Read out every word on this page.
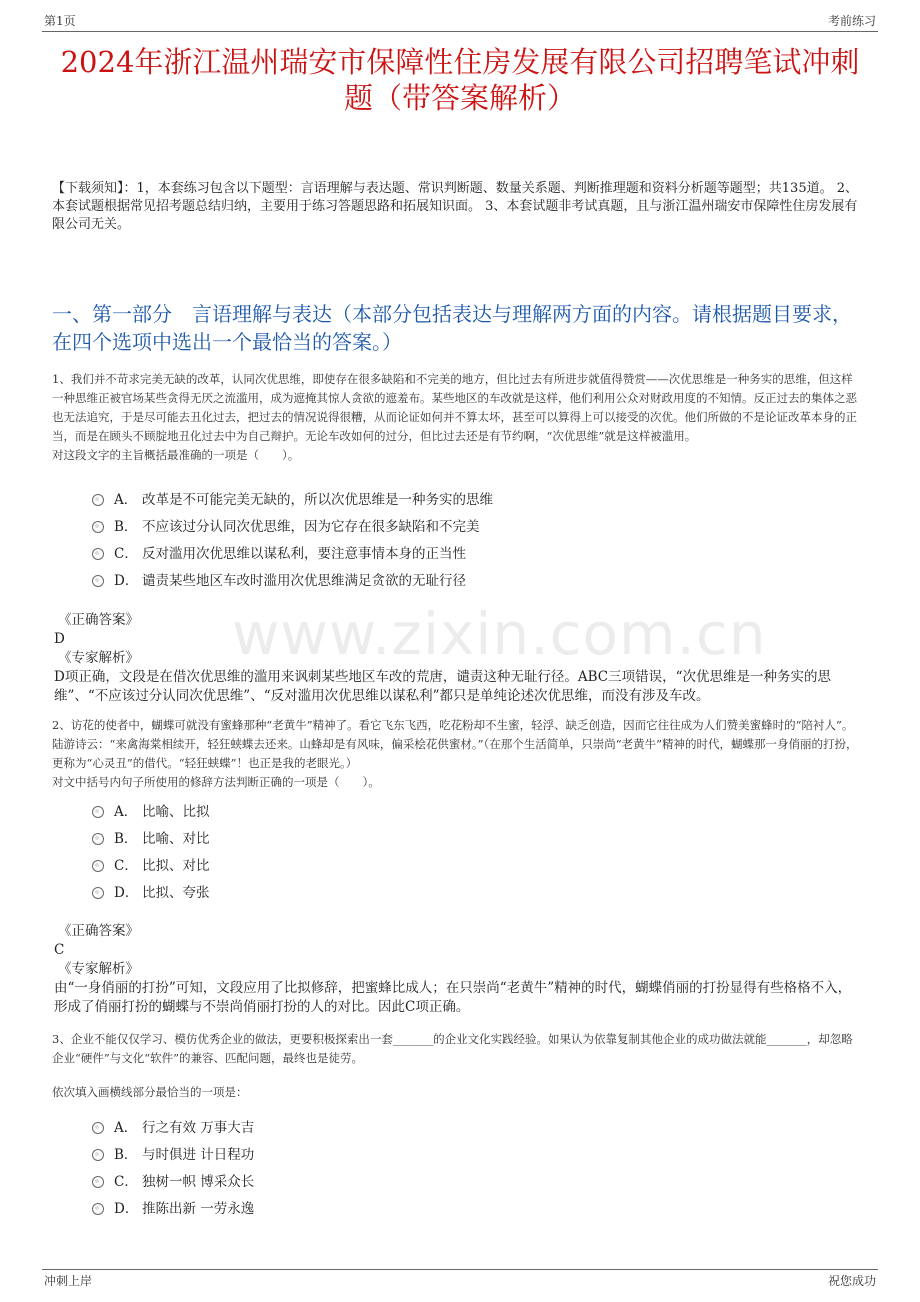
第1页	考前练习
2024年浙江温州瑞安市保障性住房发展有限公司招聘笔试冲刺题（带答案解析）
【下载须知】：1，本套练习包含以下题型：言语理解与表达题、常识判断题、数量关系题、判断推理题和资料分析题等题型；共135道。 2、本套试题根据常见招考题总结归纳，主要用于练习答题思路和拓展知识面。 3、本套试题非考试真题，且与浙江温州瑞安市保障性住房发展有限公司无关。
一、第一部分　言语理解与表达（本部分包括表达与理解两方面的内容。请根据题目要求，在四个选项中选出一个最恰当的答案。）
1、我们并不苛求完美无缺的改革，认同次优思维，即使存在很多缺陷和不完美的地方，但比过去有所进步就值得赞赏——次优思维是一种务实的思维，但这样一种思维正被官场某些贪得无厌之流滥用，成为遮掩其惊人贪欲的遮羞布。某些地区的车改就是这样，他们利用公众对财政用度的不知情。反正过去的集体之恶也无法追究，于是尽可能去丑化过去，把过去的情况说得很糟，从而论证如何并不算太坏，甚至可以算得上可以接受的次优。他们所做的不是论证改革本身的正当，而是在顾头不顾腚地丑化过去中为自己辩护。无论车改如何的过分，但比过去还是有节约啊，“次优思维”就是这样被滥用。
对这段文字的主旨概括最准确的一项是（　　）。
A． 改革是不可能完美无缺的，所以次优思维是一种务实的思维
B． 不应该过分认同次优思维，因为它存在很多缺陷和不完美
C． 反对滥用次优思维以谋私利，要注意事情本身的正当性
D． 谴责某些地区车改时滥用次优思维满足贪欲的无耻行径
《正确答案》
D
《专家解析》
D项正确，文段是在借次优思维的滥用来讽刺某些地区车改的荒唐，谴责这种无耻行径。ABC三项错误，“次优思维是一种务实的思维”、“不应该过分认同次优思维”、“反对滥用次优思维以谋私利”都只是单纯论述次优思维，而没有涉及车改。
2、访花的使者中，蝴蝶可就没有蜜蜂那种“老黄牛”精神了。看它飞东飞西，吃花粉却不生蜜，轻浮、缺乏创造，因而它往往成为人们赞美蜜蜂时的“陪衬人”。陆游诗云：“来禽海棠相续开，轻狂蛱蝶去还来。山蜂却是有风味，偏采桧花供蜜材。”（在那个生活简单，只崇尚“老黄牛”精神的时代，蝴蝶那一身俏丽的打扮，更称为“心灵丑”的借代。“轻狂蛱蝶”！也正是我的老眼光。）
对文中括号内句子所使用的修辞方法判断正确的一项是（　　）。
A． 比喻、比拟
B． 比喻、对比
C． 比拟、对比
D． 比拟、夸张
《正确答案》
C
《专家解析》
由“一身俏丽的打扮”可知，文段应用了比拟修辞，把蜜蜂比成人；在只崇尚“老黄牛”精神的时代，蝴蝶俏丽的打扮显得有些格格不入，形成了俏丽打扮的蝴蝶与不崇尚俏丽打扮的人的对比。因此C项正确。
3、企业不能仅仅学习、模仿优秀企业的做法，更要积极探索出一套_______的企业文化实践经验。如果认为依靠复制其他企业的成功做法就能_______，却忽略企业“硬件”与文化“软件”的兼容、匹配问题，最终也是徒劳。
依次填入画横线部分最恰当的一项是：
A． 行之有效 万事大吉
B． 与时俱进 计日程功
C． 独树一帜 博采众长
D． 推陈出新 一劳永逸
www.zixin.com.cn
冲刺上岸	祝您成功
